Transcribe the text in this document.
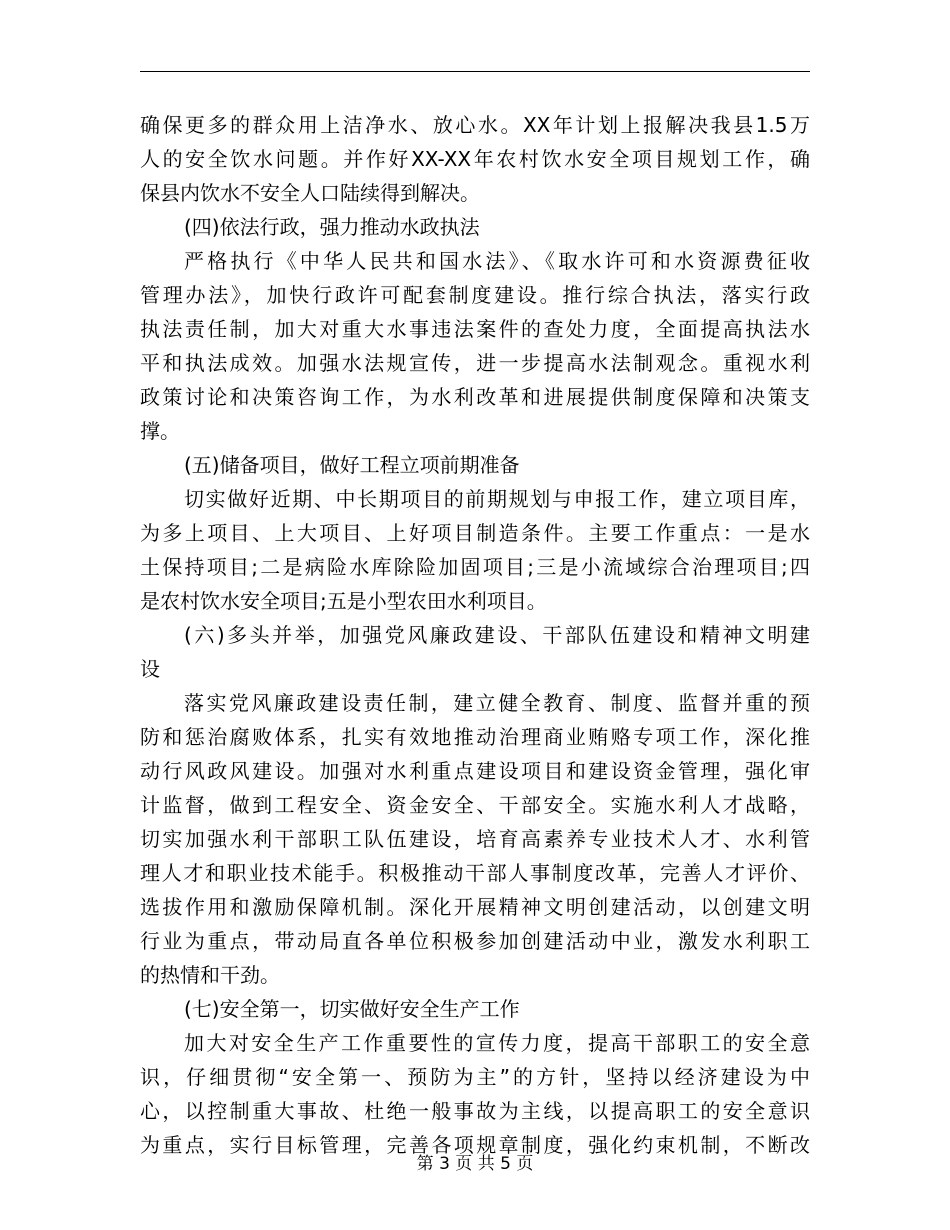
确保更多的群众用上洁净水、放心水。XX年计划上报解决我县1.5万
人的安全饮水问题。并作好XX-XX年农村饮水安全项目规划工作，确
保县内饮水不安全人口陆续得到解决。
(四)依法行政，强力推动水政执法
严格执行《中华人民共和国水法》、《取水许可和水资源费征收
管理办法》，加快行政许可配套制度建设。推行综合执法，落实行政
执法责任制，加大对重大水事违法案件的查处力度，全面提高执法水
平和执法成效。加强水法规宣传，进一步提高水法制观念。重视水利
政策讨论和决策咨询工作，为水利改革和进展提供制度保障和决策支
撑。
(五)储备项目，做好工程立项前期准备
切实做好近期、中长期项目的前期规划与申报工作，建立项目库，
为多上项目、上大项目、上好项目制造条件。主要工作重点：一是水
土保持项目;二是病险水库除险加固项目;三是小流域综合治理项目;四
是农村饮水安全项目;五是小型农田水利项目。
(六)多头并举，加强党风廉政建设、干部队伍建设和精神文明建
设
落实党风廉政建设责任制，建立健全教育、制度、监督并重的预
防和惩治腐败体系，扎实有效地推动治理商业贿赂专项工作，深化推
动行风政风建设。加强对水利重点建设项目和建设资金管理，强化审
计监督，做到工程安全、资金安全、干部安全。实施水利人才战略，
切实加强水利干部职工队伍建设，培育高素养专业技术人才、水利管
理人才和职业技术能手。积极推动干部人事制度改革，完善人才评价、
选拔作用和激励保障机制。深化开展精神文明创建活动，以创建文明
行业为重点，带动局直各单位积极参加创建活动中业，激发水利职工
的热情和干劲。
(七)安全第一，切实做好安全生产工作
加大对安全生产工作重要性的宣传力度，提高干部职工的安全意
识，仔细贯彻“安全第一、预防为主”的方针，坚持以经济建设为中
心，以控制重大事故、杜绝一般事故为主线，以提高职工的安全意识
为重点，实行目标管理，完善各项规章制度，强化约束机制，不断改
第 3 页 共 5 页
